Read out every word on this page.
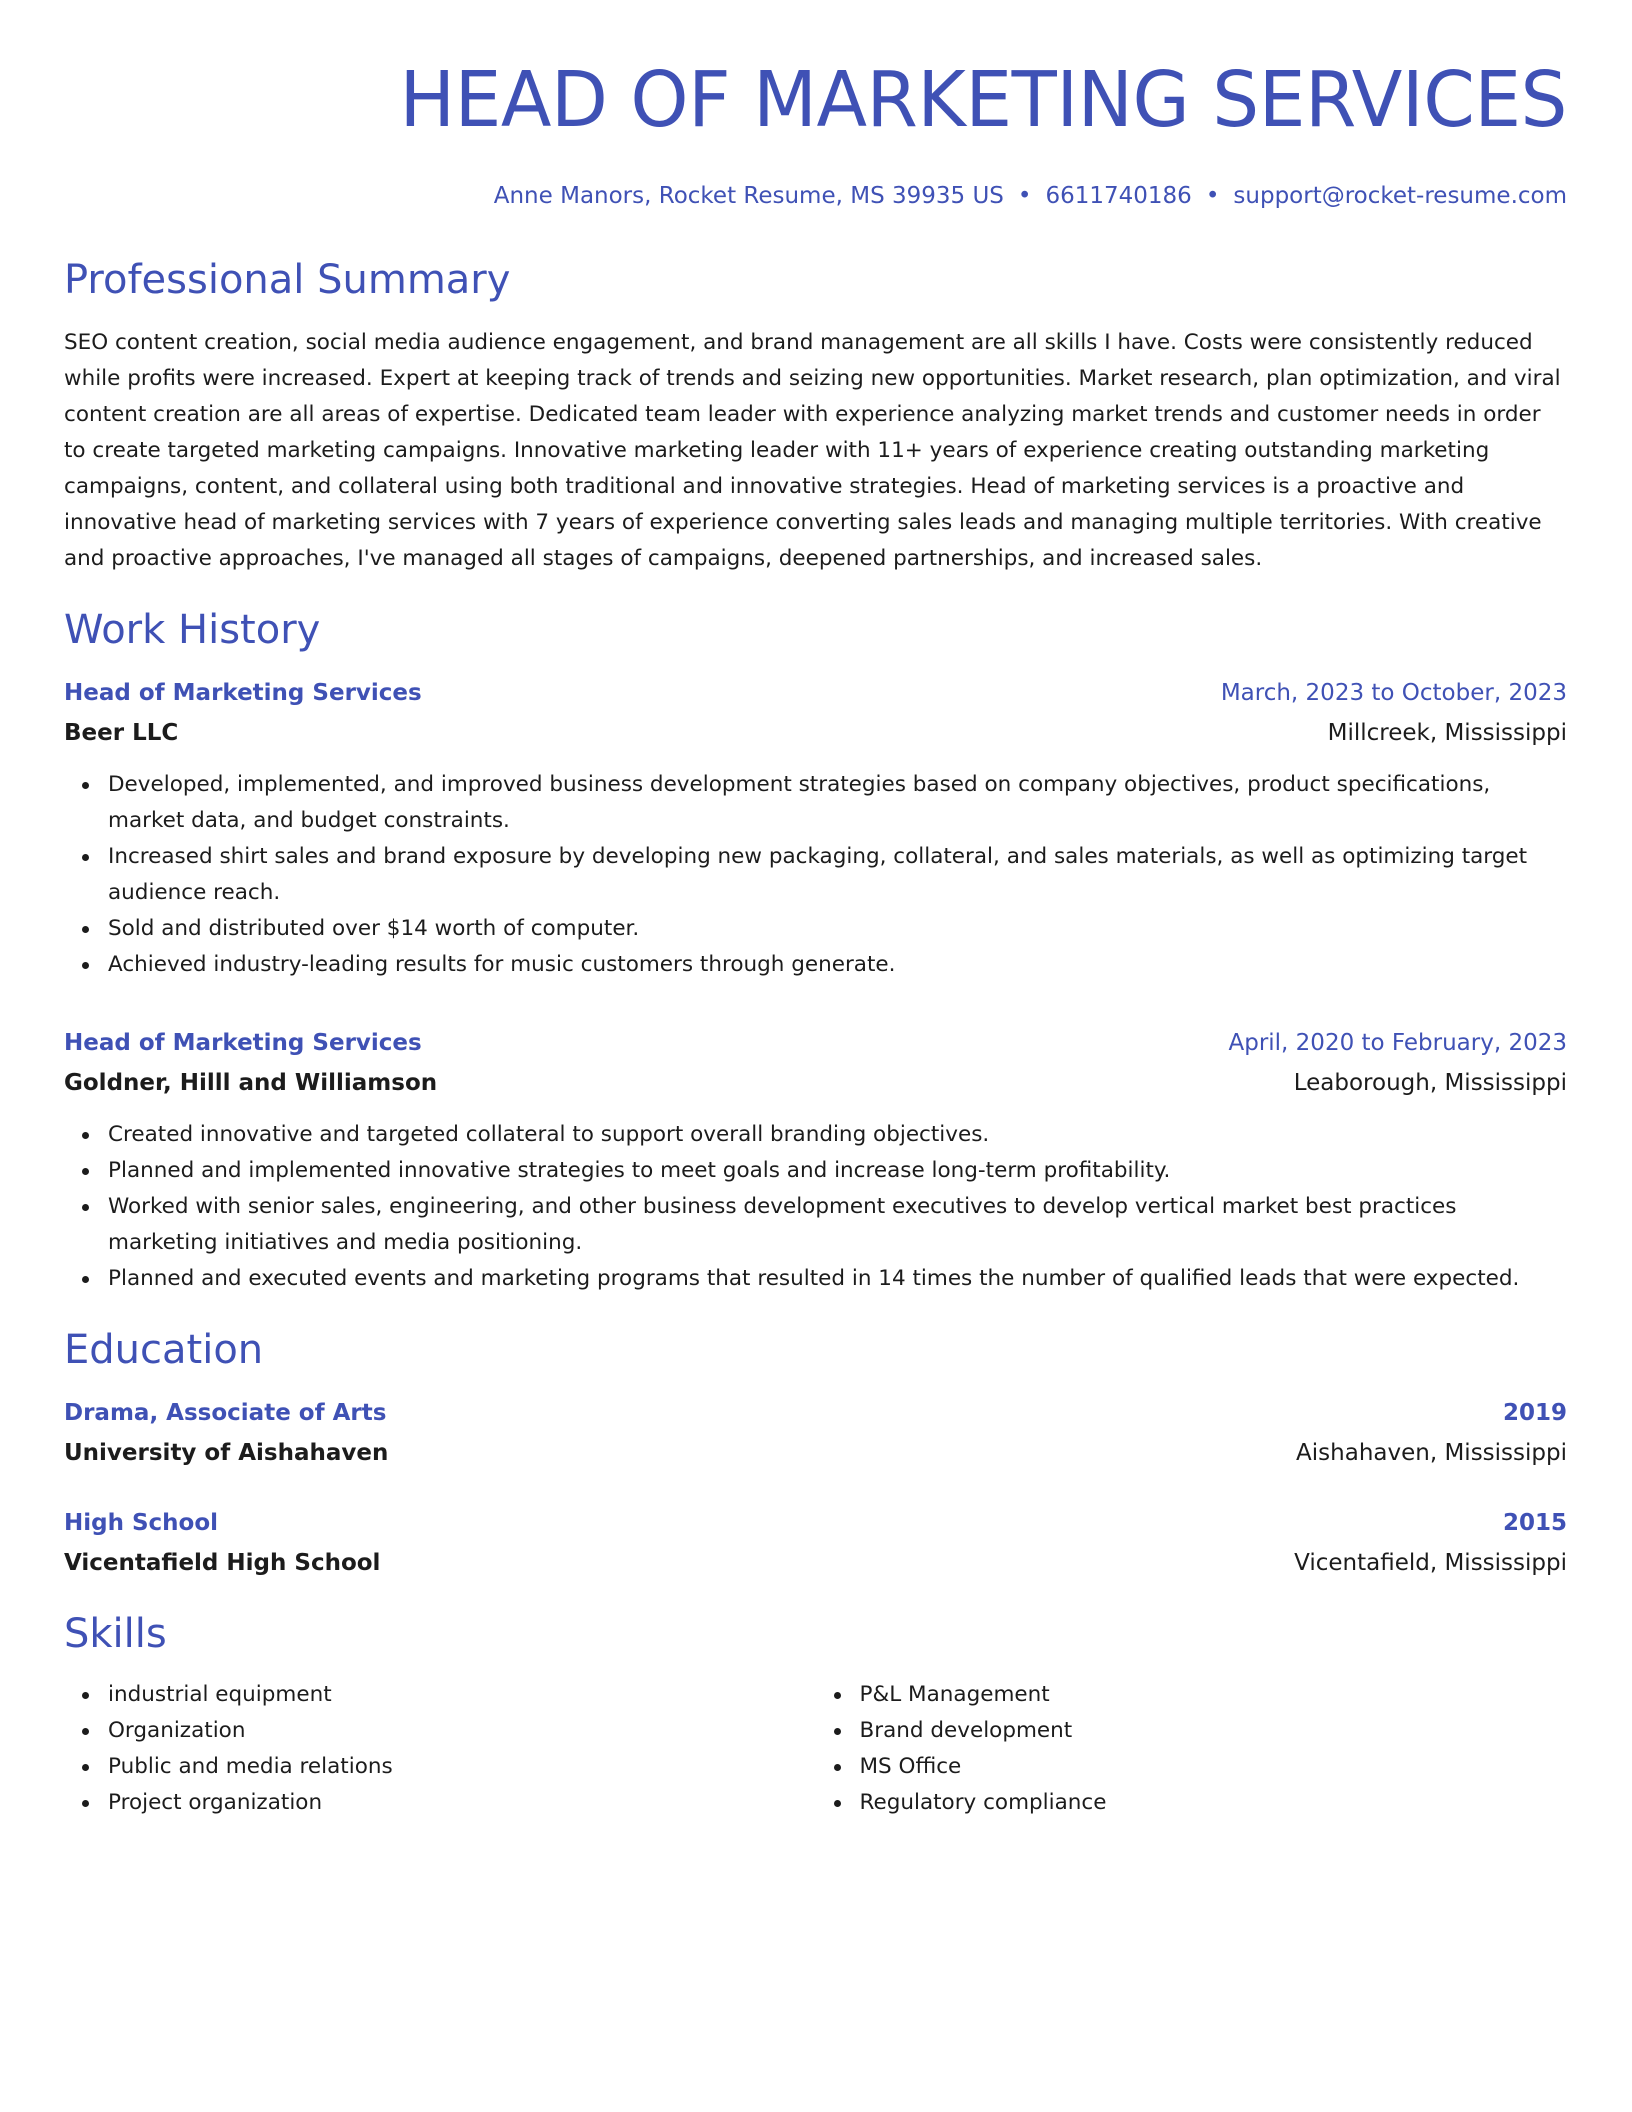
HEAD OF MARKETING SERVICES
Anne Manors, Rocket Resume, MS 39935 US • 6611740186 • support@rocket-resume.com
Professional Summary

SEO content creation, social media audience engagement, and brand management are all skills I have. Costs were consistently reduced while profits were increased. Expert at keeping track of trends and seizing new opportunities. Market research, plan optimization, and viral content creation are all areas of expertise. Dedicated team leader with experience analyzing market trends and customer needs in order to create targeted marketing campaigns. Innovative marketing leader with 11+ years of experience creating outstanding marketing campaigns, content, and collateral using both traditional and innovative strategies. Head of marketing services is a proactive and innovative head of marketing services with 7 years of experience converting sales leads and managing multiple territories. With creative and proactive approaches, I've managed all stages of campaigns, deepened partnerships, and increased sales.

Work History
Head of Marketing Services	March, 2023 to October, 2023
Beer LLC	Millcreek, Mississippi
Developed, implemented, and improved business development strategies based on company objectives, product specifications, market data, and budget constraints.
Increased shirt sales and brand exposure by developing new packaging, collateral, and sales materials, as well as optimizing target audience reach.
Sold and distributed over $14 worth of computer.
Achieved industry-leading results for music customers through generate.
Head of Marketing Services	April, 2020 to February, 2023
Goldner, Hilll and Williamson	Leaborough, Mississippi
Created innovative and targeted collateral to support overall branding objectives.
Planned and implemented innovative strategies to meet goals and increase long-term profitability.
Worked with senior sales, engineering, and other business development executives to develop vertical market best practices marketing initiatives and media positioning.
Planned and executed events and marketing programs that resulted in 14 times the number of qualified leads that were expected.
Education
Drama, Associate of Arts	2019
University of Aishahaven	Aishahaven, Mississippi
High School	2015
Vicentafield High School	Vicentafield, Mississippi
Skills
industrial equipment
Organization
Public and media relations
Project organization
P&L Management
Brand development
MS Office
Regulatory compliance
